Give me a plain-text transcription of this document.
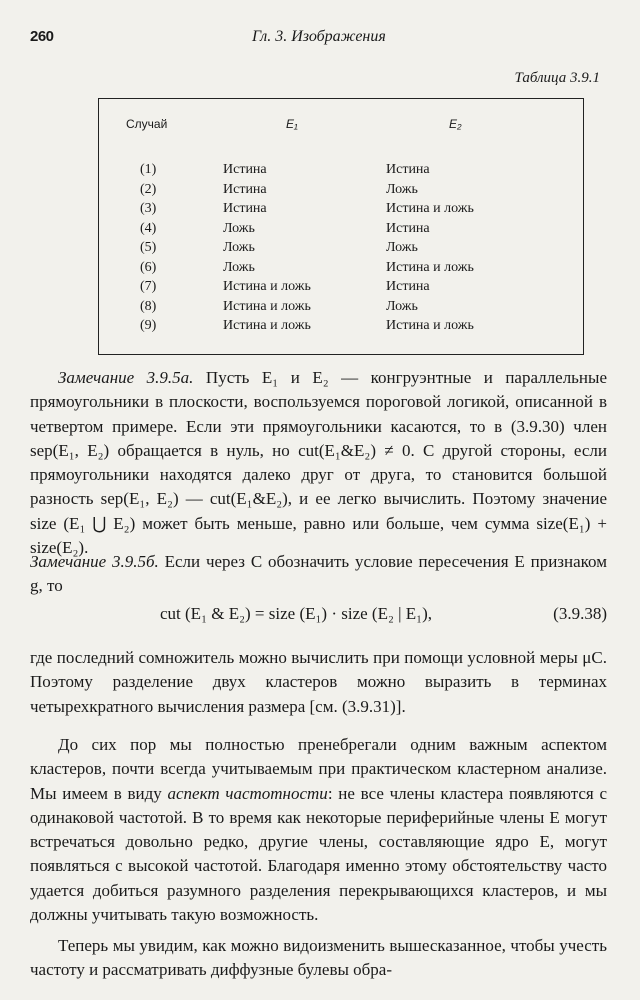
260	Гл. 3. Изображения
Таблица 3.9.1
Случай	E₁	E₂
(1)	Истина	Истина
(2)	Истина	Ложь
(3)	Истина	Истина и ложь
(4)	Ложь	Истина
(5)	Ложь	Ложь
(6)	Ложь	Истина и ложь
(7)	Истина и ложь	Истина
(8)	Истина и ложь	Ложь
(9)	Истина и ложь	Истина и ложь

Замечание 3.9.5а. Пусть E₁ и E₂ — конгруэнтные и параллельные прямоугольники в плоскости, воспользуемся пороговой логикой, описанной в четвертом примере. Если эти прямоугольники касаются, то в (3.9.30) член sep(E₁, E₂) обращается в нуль, но cut(E₁&E₂) ≠ 0. С другой стороны, если прямоугольники находятся далеко друг от друга, то становится большой разность sep(E₁, E₂) — cut(E₁&E₂), и ее легко вычислить. Поэтому значение size (E₁ ⋃ E₂) может быть меньше, равно или больше, чем сумма size(E₁) + size(E₂).

Замечание 3.9.5б. Если через C обозначить условие пересечения E признаком g, то

cut (E₁ & E₂) = size (E₁) · size (E₂ | E₁),	(3.9.38)

где последний сомножитель можно вычислить при помощи условной меры μC. Поэтому разделение двух кластеров можно выразить в терминах четырехкратного вычисления размера [см. (3.9.31)].

До сих пор мы полностью пренебрегали одним важным аспектом кластеров, почти всегда учитываемым при практическом кластерном анализе. Мы имеем в виду аспект частотности: не все члены кластера появляются с одинаковой частотой. В то время как некоторые периферийные члены E могут встречаться довольно редко, другие члены, составляющие ядро E, могут появляться с высокой частотой. Благодаря именно этому обстоятельству часто удается добиться разумного разделения перекрывающихся кластеров, и мы должны учитывать такую возможность.

Теперь мы увидим, как можно видоизменить вышесказанное, чтобы учесть частоту и рассматривать диффузные булевы обра-
